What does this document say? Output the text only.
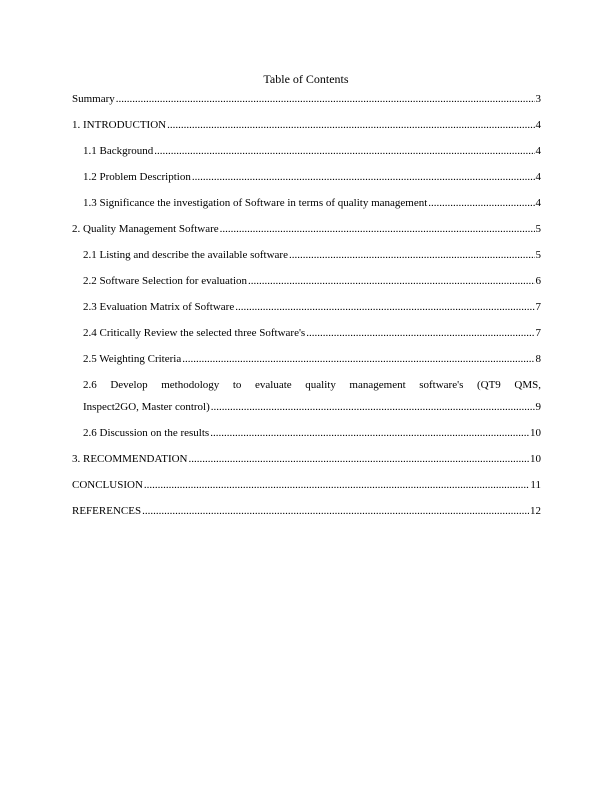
Table of Contents
Summary .....	3
1. INTRODUCTION .....	4
1.1 Background .....	4
1.2 Problem Description .....	4
1.3 Significance the investigation of Software in terms of quality management .....	4
2. Quality Management Software .....	5
2.1 Listing and describe the available software .....	5
2.2 Software Selection for evaluation .....	6
2.3 Evaluation Matrix of Software .....	7
2.4 Critically Review the selected three Software's .....	7
2.5 Weighting Criteria .....	8
2.6 Develop methodology to evaluate quality management software's (QT9 QMS,
Inspect2GO, Master control) .....	9
2.6 Discussion on the results .....	10
3. RECOMMENDATION .....	10
CONCLUSION .....	11
REFERENCES .....	12
